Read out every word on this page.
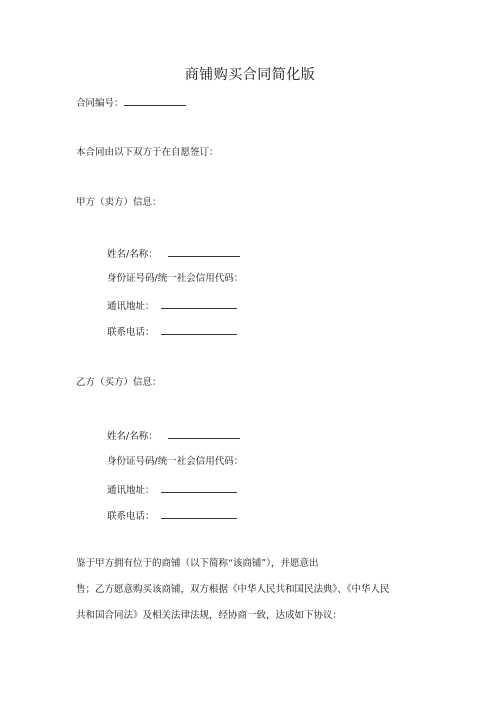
商铺购买合同简化版
合同编号：
本合同由以下双方于在自愿签订：
甲方（卖方）信息：
姓名/名称：
身份证号码/统一社会信用代码：
通讯地址：
联系电话：
乙方（买方）信息：
姓名/名称：
身份证号码/统一社会信用代码：
通讯地址：
联系电话：
鉴于甲方拥有位于的商铺（以下简称“该商铺”），并愿意出
售；乙方愿意购买该商铺，双方根据《中华人民共和国民法典》、《中华人民
共和国合同法》及相关法律法规，经协商一致，达成如下协议：
